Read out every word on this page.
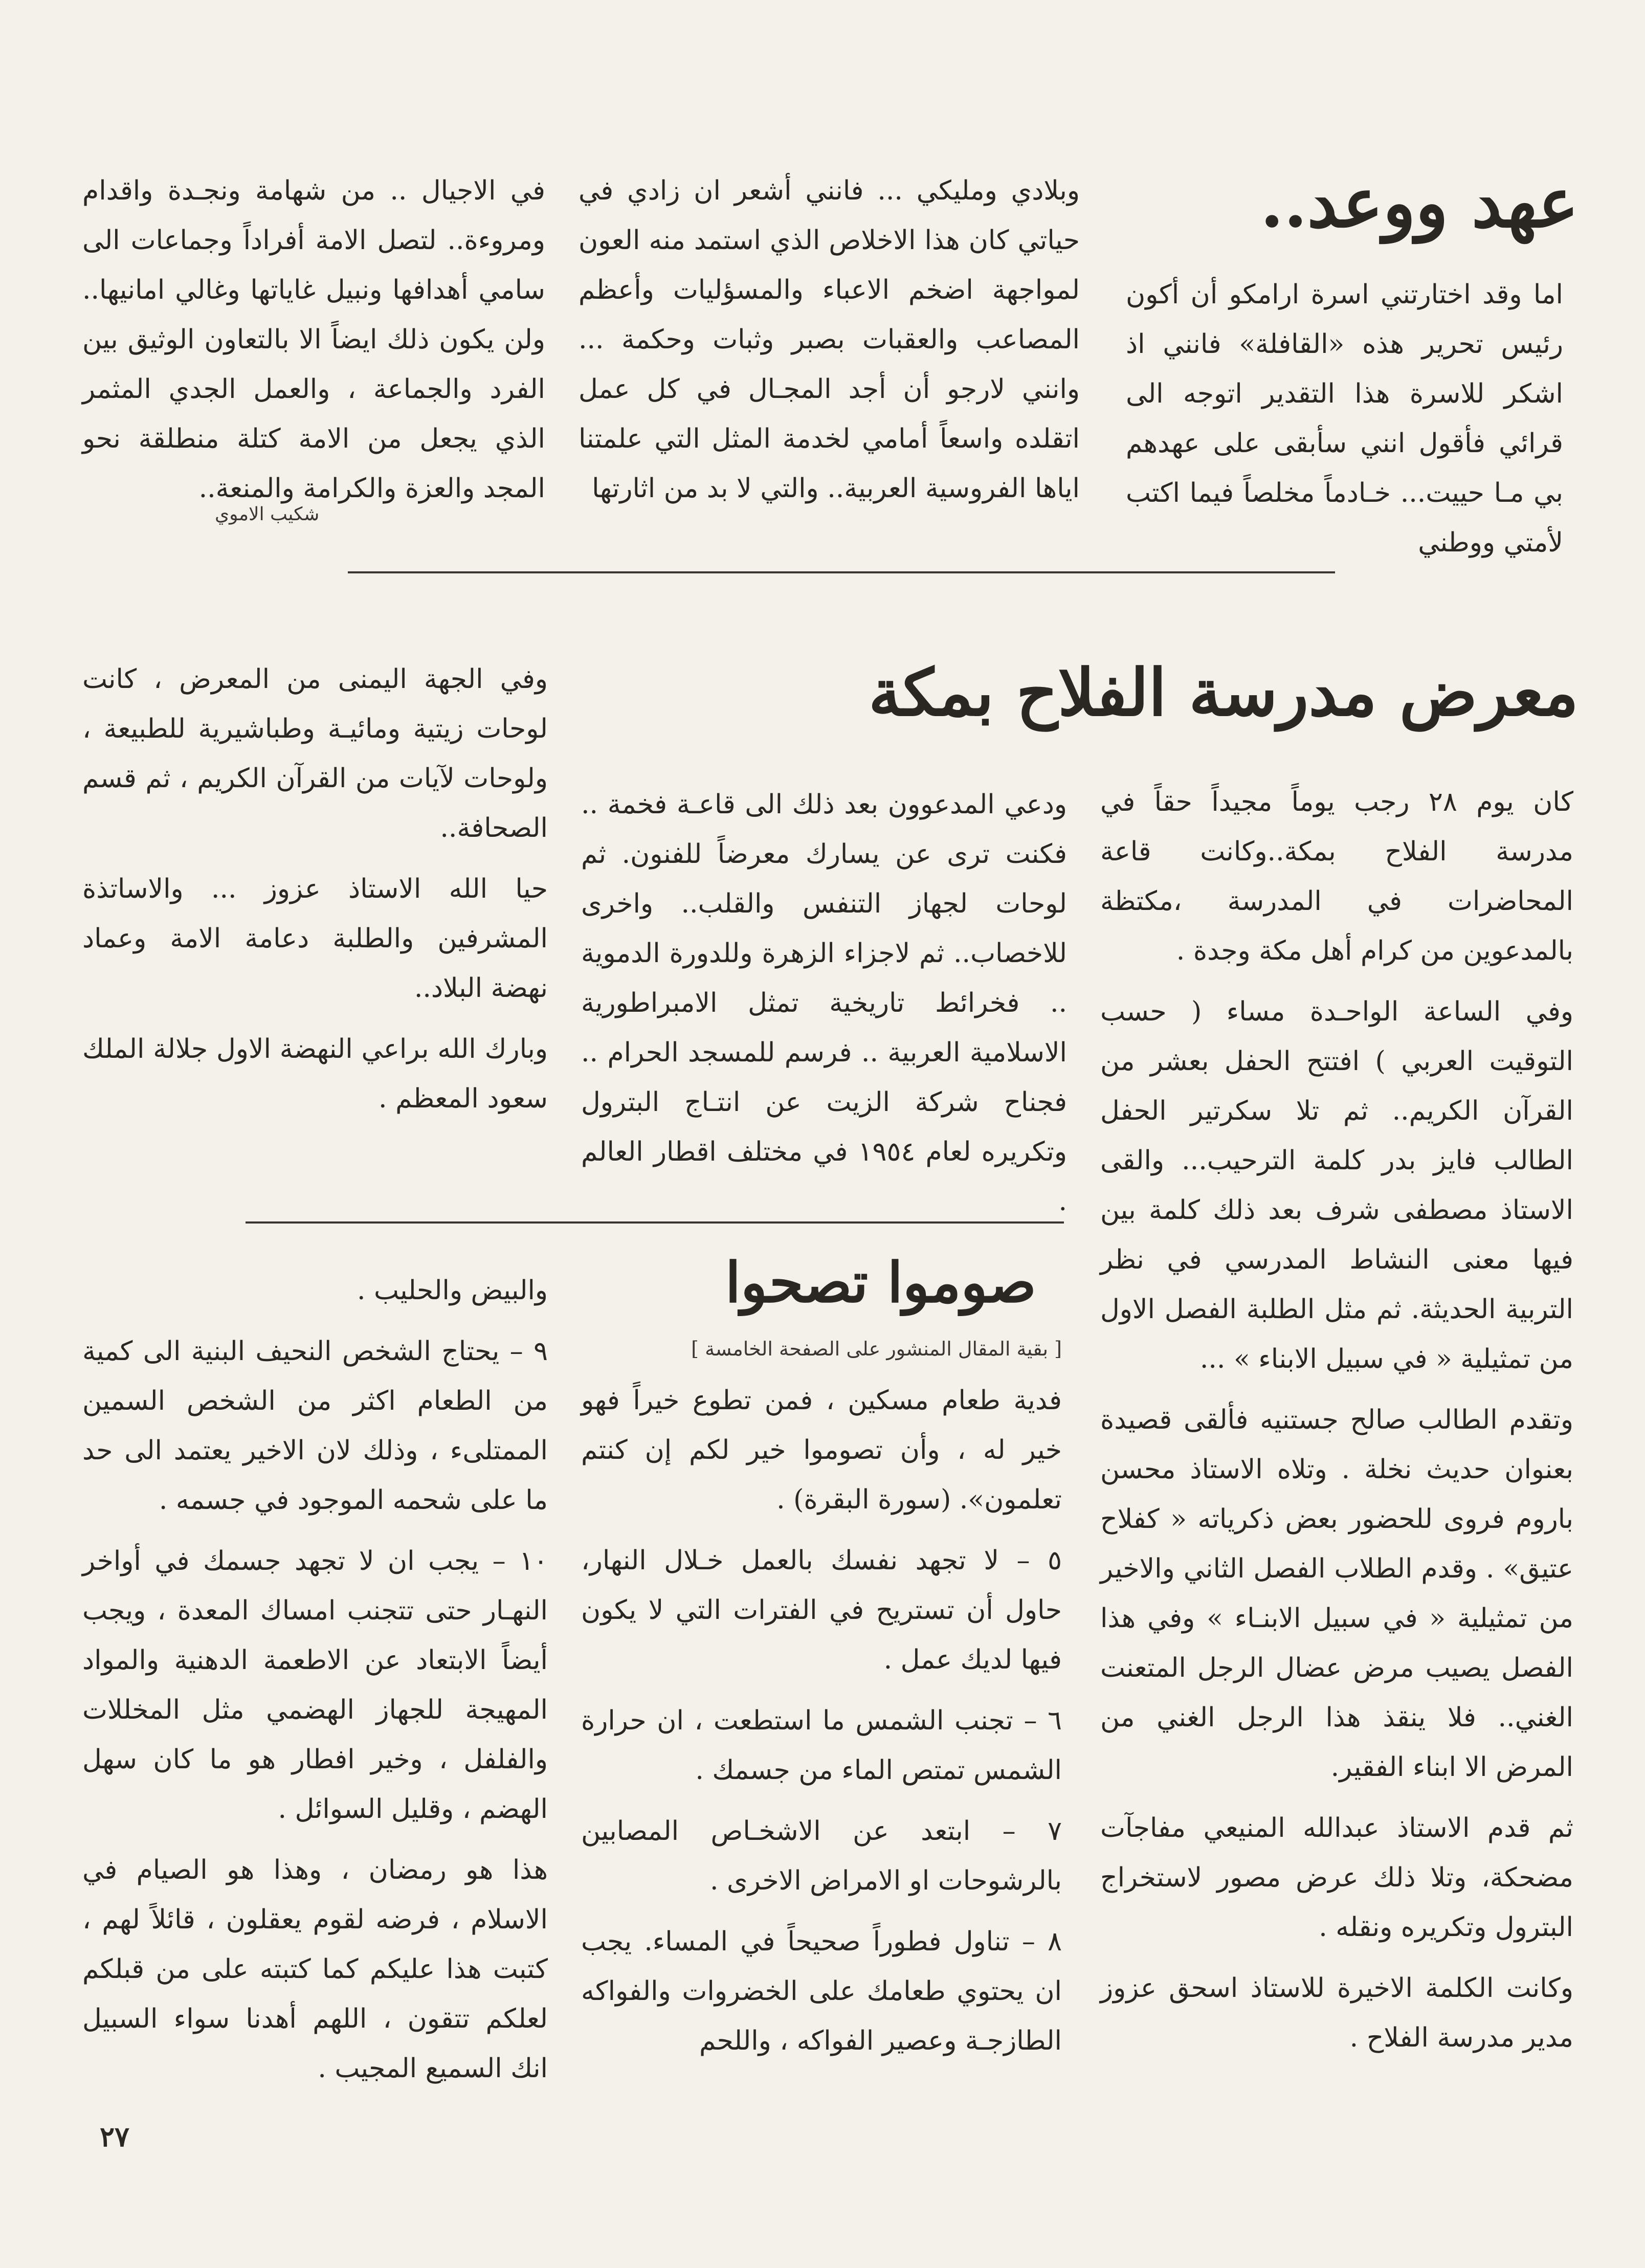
عهد ووعد..
اما وقد اختارتني اسرة ارامكو أن أكون رئيس تحرير هذه «القافلة» فانني اذ اشكر للاسرة هذا التقدير اتوجه الى قرائي فأقول انني سأبقى على عهدهم بي مـا حييت... خـادماً مخلصاً فيما اكتب لأمتي ووطني
وبلادي ومليكي ... فانني أشعر ان زادي في حياتي كان هذا الاخلاص الذي استمد منه العون لمواجهة اضخم الاعباء والمسؤليات وأعظم المصاعب والعقبات بصبر وثبات وحكمة ... وانني لارجو أن أجد المجـال في كل عمل اتقلده واسعاً أمامي لخدمة المثل التي علمتنا اياها الفروسية العربية.. والتي لا بد من اثارتها
في الاجيال .. من شهامة ونجـدة واقدام ومروءة.. لتصل الامة أفراداً وجماعات الى سامي أهدافها ونبيل غاياتها وغالي امانيها.. ولن يكون ذلك ايضاً الا بالتعاون الوثيق بين الفرد والجماعة ، والعمل الجدي المثمر الذي يجعل من الامة كتلة منطلقة نحو المجد والعزة والكرامة والمنعة..
شكيب الاموي
معرض مدرسة الفلاح بمكة

كان يوم ٢٨ رجب يوماً مجيداً حقاً في مدرسة الفلاح بمكة..وكانت قاعة المحاضرات في المدرسة ،مكتظة بالمدعوين من كرام أهل مكة وجدة .

وفي الساعة الواحـدة مساء ( حسب التوقيت العربي ) افتتح الحفل بعشر من القرآن الكريم.. ثم تلا سكرتير الحفل الطالب فايز بدر كلمة الترحيب... والقى الاستاذ مصطفى شرف بعد ذلك كلمة بين فيها معنى النشاط المدرسي في نظر التربية الحديثة. ثم مثل الطلبة الفصل الاول من تمثيلية « في سبيل الابناء » ...

وتقدم الطالب صالح جستنيه فألقى قصيدة بعنوان حديث نخلة . وتلاه الاستاذ محسن باروم فروى للحضور بعض ذكرياته « كفلاح عتيق» . وقدم الطلاب الفصل الثاني والاخير من تمثيلية « في سبيل الابنـاء » وفي هذا الفصل يصيب مرض عضال الرجل المتعنت الغني.. فلا ينقذ هذا الرجل الغني من المرض الا ابناء الفقير.

ثم قدم الاستاذ عبدالله المنيعي مفاجآت مضحكة، وتلا ذلك عرض مصور لاستخراج البترول وتكريره ونقله .

وكانت الكلمة الاخيرة للاستاذ اسحق عزوز مدير مدرسة الفلاح .

ودعي المدعوون بعد ذلك الى قاعـة فخمة .. فكنت ترى عن يسارك معرضاً للفنون. ثم لوحات لجهاز التنفس والقلب.. واخرى للاخصاب.. ثم لاجزاء الزهرة وللدورة الدموية .. فخرائط تاريخية تمثل الامبراطورية الاسلامية العربية .. فرسم للمسجد الحرام .. فجناح شركة الزيت عن انتـاج البترول وتكريره لعام ١٩٥٤ في مختلف اقطار العالم .

وفي الجهة اليمنى من المعرض ، كانت لوحات زيتية ومائيـة وطباشيرية للطبيعة ، ولوحات لآيات من القرآن الكريم ، ثم قسم الصحافة..

حيا الله الاستاذ عزوز ... والاساتذة المشرفين والطلبة دعامة الامة وعماد نهضة البلاد..

وبارك الله براعي النهضة الاول جلالة الملك سعود المعظم .

صوموا تصحوا
[ بقية المقال المنشور على الصفحة الخامسة ]

فدية طعام مسكين ، فمن تطوع خيراً فهو خير له ، وأن تصوموا خير لكم إن كنتم تعلمون». (سورة البقرة) .

٥ – لا تجهد نفسك بالعمل خـلال النهار، حاول أن تستريح في الفترات التي لا يكون فيها لديك عمل .

٦ – تجنب الشمس ما استطعت ، ان حرارة الشمس تمتص الماء من جسمك .

٧ – ابتعد عن الاشخـاص المصابين بالرشوحات او الامراض الاخرى .

٨ – تناول فطوراً صحيحاً في المساء. يجب ان يحتوي طعامك على الخضروات والفواكه الطازجـة وعصير الفواكه ، واللحم

والبيض والحليب .

٩ – يحتاج الشخص النحيف البنية الى كمية من الطعام اكثر من الشخص السمين الممتلىء ، وذلك لان الاخير يعتمد الى حد ما على شحمه الموجود في جسمه .

١٠ – يجب ان لا تجهد جسمك في أواخر النهـار حتى تتجنب امساك المعدة ، ويجب أيضاً الابتعاد عن الاطعمة الدهنية والمواد المهيجة للجهاز الهضمي مثل المخللات والفلفل ، وخير افطار هو ما كان سهل الهضم ، وقليل السوائل .

هذا هو رمضان ، وهذا هو الصيام في الاسلام ، فرضه لقوم يعقلون ، قائلاً لهم ، كتبت هذا عليكم كما كتبته على من قبلكم لعلكم تتقون ، اللهم أهدنا سواء السبيل انك السميع المجيب .

٢٧
